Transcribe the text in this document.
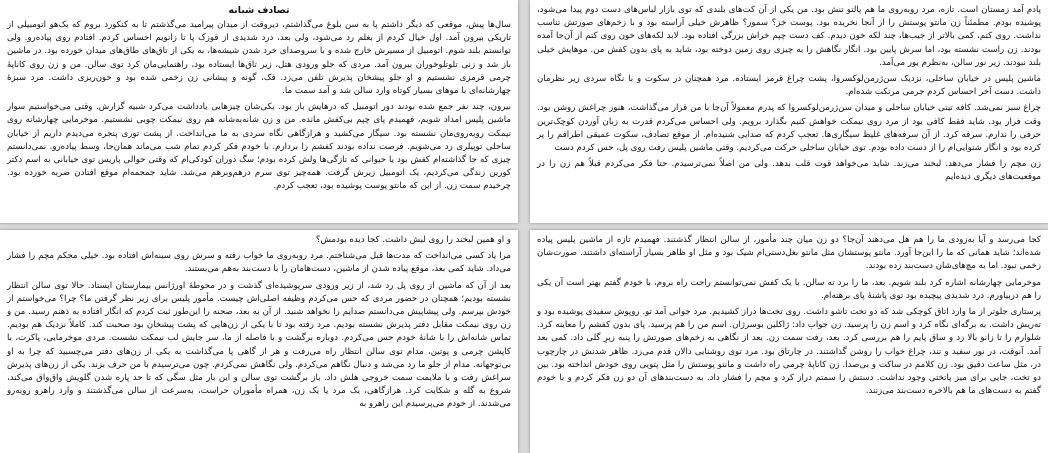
تصادف شبانه

سال‌ها پیش، موقعی که دیگر داشتم پا به سن بلوغ می‌گذاشتم، دیروقت از میدان پیرامید می‌گذشتم تا به کنکورد بروم که یک‌هو اتومبیلی از تاریکی بیرون آمد. اول خیال کردم از بغلم رد می‌شود، ولی بعد، درد شدیدی از قوزک پا تا زانویم احساس کردم. افتادم روی پیاده‌رو. ولی توانستم بلند شوم. اتومبیل از مسیرش خارج شده و با سروصدای خرد شدن شیشه‌ها، به یکی از تاق‌های طاق‌های میدان خورده بود. در ماشین باز شد و زنی تلوتلوخوران بیرون آمد. مردی که جلو ورودی هتل، زیر تاق‌ها ایستاده بود، راهنمایی‌مان کرد توی سالن. من و زن روی کاناپهٔ چرمی قرمزی نشستیم و او جلو پیشخان پذیرش تلفن می‌زد. فک، گونه و پیشانی زن زخمی شده بود و خون‌ریزی داشت. مرد سبزهٔ چهارشانه‌ای با موهای بسیار کوتاه وارد سالن شد و آمد سمت ما.

بیرون، چند نفر جمع شده بودند دور اتومبیل که درهایش باز بود. یکی‌شان چیزهایی یادداشت می‌کرد شبیه گزارش. وقتی می‌خواستیم سوار ماشین پلیس امداد شویم، فهمیدم پای چپم بی‌کفش مانده. من و زن شانه‌به‌شانه هم روی نیمکت چوبی نشستیم. موخرمایی چهارشانه روی نیمکت روبه‌روی‌مان نشسته بود. سیگار می‌کشید و هراز‌گاهی نگاه سردی به ما می‌انداخت. از پشت توری پنجره می‌دیدم داریم از خیابان ساحلی توپیلری رد می‌شویم. فرصت نداده بودند کفشم را بردارم. با خودم فکر کردم تمام شب می‌ماند همان‌جا، وسط پیاده‌رو. نمی‌دانستم چیزی که جا گذاشته‌ام کفش بود یا حیوانی که تازگی‌ها ولش کرده بودم؛ سگ دوران کودکی‌ام که وقتی حوالی پاریس توی خیابانی به اسم دکتر کورین زندگی می‌کردیم، یک اتومبیل زیرش گرفت. همه‌چیز توی سرم درهم‌وبرهم می‌شد. شاید جمجمه‌ام موقع افتادن ضربه خورده بود. چرخیدم سمت زن. از این که مانتو پوست پوشیده بود، تعجب کردم.

پادم آمد زمستان است. تازه، مرد روبەروی ما هم پالتو تنش بود. من یکی از آن کت‌های بلندی که توی بازار لباس‌های دست دوم پیدا می‌شود، پوشیده بودم. مطمئناً زن مانتو پوستش را از آنجا نخریده بود. پوست خز؟ سمور؟ ظاهرش خیلی آراسته بود و با زخم‌های صورتش تناسب نداشت. روی کتم، کمی بالاتر از جیب‌ها، چند لکه خون دیدم. کف دست چپم خراش بزرگی افتاده بود. لابد لکه‌های خون روی کتم از آن‌جا آمده بودند. زن راست نشسته بود، اما سرش پایین بود. انگار نگاهش را به چیزی روی زمین دوخته بود، شاید به پای بدون کفش من. موهایش خیلی بلند نبودند. زیر نور سالن، به‌نظرم بور می‌آمد.

ماشین پلیس در خیابان ساحلی، نزدیک سن‌ژرمن‌لوکسروا، پشت چراغ قرمز ایستاده. مرد همچنان در سکوت و با نگاه سردی زیر نظرمان داشت. دست آخر احساس کردم جرمی مرتکب شده‌ام.

چراغ سبز نمی‌شد. کافه تیتی خیابان ساحلی و میدان سن‌ژرمن‌لوکسروا که پدرم معمولاً آن‌جا با من قرار می‌گذاشت، هنوز چراغش روشن بود. وقت فرار بود. شاید فقط کافی بود از مرد روی نیمکت خواهش کنیم بگذارد برویم. ولی احساس می‌کردم قدرت به زبان آوردن کوچک‌ترین حرفی را ندارم. سرفه کرد. از آن سرفه‌های غلیظ سیگاری‌ها. تعجب کردم که صدایی شنیده‌ام. از موقع تصادف، سکوت عمیقی اطرافم را پر کرده بود و انگار شنوایی‌ام را از دست داده بودم. توی خیابان ساحلی حرکت می‌کردیم. وقتی ماشین پلیس رفت روی پل، حس کردم دست

زن مچم را فشار می‌دهد. لبخند می‌زند. شاید می‌خواهد قوت قلب بدهد. ولی من اصلاً نمی‌ترسیدم. حتا فکر می‌کردم قبلاً هم زن را در موقعیت‌های دیگری دیده‌ایم

و او همین لبخند را روی لبش داشت. کجا دیده بودمش؟

مرا یاد کسی می‌انداخت که مدت‌ها قبل می‌شناختم. مرد روبه‌روی ما خواب رفته و سرش روی سینه‌اش افتاده بود. خیلی محکم مچم را فشار می‌داد. شاید کمی بعد، موقع پیاده شدن از ماشین، دست‌هامان را با دست‌بند به‌هم می‌بستند.

بعد از آن که ماشین از روی پل رد شد، از زیر ورودی سرپوشیده‌ای گذشت و در محوطهٔ اورژانس بیمارستان ایستاد. حالا توی سالن انتظار نشسته بودیم؛ همچنان در حضور مردی که حس می‌کردم وظیفه اصلی‌اش چیست. مأمور پلیس برای زیر نظر گرفتن ما؟ چرا؟ می‌خواستم از خودش بپرسم. ولی پیشاپیش می‌دانستم صدایم را نخواهد شنید. از آن به بعد، صحنه را این‌طور ثبت کردم که انگار افتاده به ذهنم رسید. من و زن روی نیمکت مقابل دفتر پذیرش نشسته بودیم. مرد رفته بود تا با یکی از زن‌هایی که پشت پیشخان بود صحبت کند. کاملاً نزدیک هم بودیم. تماس شانه‌اش را با شانهٔ خودم حس می‌کردم. دوباره برگشت و با فاصله از ما، سر جایش لب نیمکت نشست. مردی موخرمایی، پاکرت، با کاپشن چرمی و پوتین، مدام توی سالن انتظار راه می‌رفت و هر از گاهی پا می‌گذاشت به یکی از زن‌های دفتر می‌چسبید که چرا به او بی‌توجهانه. مدام از جلو ما رد می‌شد و دنبال نگاهم می‌کردم. ولی نگاهش نمی‌کردم. چون می‌ترسیدم با من حرف بزند. یکی از زن‌های پذیرش سراغش رفت و با ملایمت سمت خروجی هلش داد. باز برگشت توی سالن و این بار مثل سگی که تا حد پاره شدن گلویش واق‌واق می‌کند، شروع به گله و شکایت کرد. هرازگاهی، یک مرد یا یک زن، همراه مأموران حراست، به‌سرعت از سالن می‌گذشتند و وارد راهرو روبه‌رو می‌شدند. از خودم می‌پرسیدم این راهرو به

کجا می‌رسد و آیا به‌زودی ما را هم هل می‌دهند آن‌جا؟ دو زن میان چند مأمور، از سالن انتظار گذشتند. فهمیدم تازه از ماشین پلیس پیاده شده‌اند؛ شاید همانی که ما را این‌جا آورد. مانتو پوستشان مثل مانتو بغل‌دستی‌ام شیک بود و مثل او ظاهر بسیار آراسته‌ای داشتند. صورت‌شان زخمی نبود. اما به مچ‌های‌شان دست‌بند زده بودند.

موخرمایی چهارشانه اشاره کرد بلند شویم. بعد، ما را برد ته سالن. با یک کفش نمی‌توانستم راحت راه بروم، با خودم گفتم بهتر است آن یکی را هم دربیاورم. درد شدیدی پیچیده بود توی پاشنهٔ پای برهنه‌ام.

پرستاری جلوتر از ما وارد اتاق کوچکی شد که دو تخت تاشو داشت. روی تخت‌ها دراز کشیدیم. مرد جوانی آمد تو. روپوش سفیدی پوشیده بود و ته‌ریش داشت. به برگه‌ای نگاه کرد و اسم زن را پرسید. زن جواب داد: ژاکلین بوسرژان. اسم من را هم پرسید. پای بدون کفشم را معاینه کرد. شلوارم را تا زانو بالا زد و ساق پایم را هم بررسی کرد. بعد، رفت سمت زن. بعد از نگاهی به زخم‌های صورتش را پنبه زیرِ گلی داد. کمی بعد آمد. آنوقت، در نور سفید و تند، چراغ خواب را روشن گذاشتند. در چارتاق بود. مرد توی روشنایی دالان قدم می‌زد. ظاهر شدنش در چارچوب در، مثل ساعت دقیق بود. زن کلامم در ساکت و بی‌صدا. زن کاناپهٔ چرمی راه داشت و مانتو پوستش را مثل پتویی روی خودش انداخته بود. بین دو تخت، جایی برای میز پاتختی وجود نداشت. دستش را سمتم دراز کرد و مچم را فشار داد. به دست‌بندهای آن دو زن فکر کردم و با خودم گفتم به دست‌های ما هم بالاخره دست‌بند می‌زنند.
